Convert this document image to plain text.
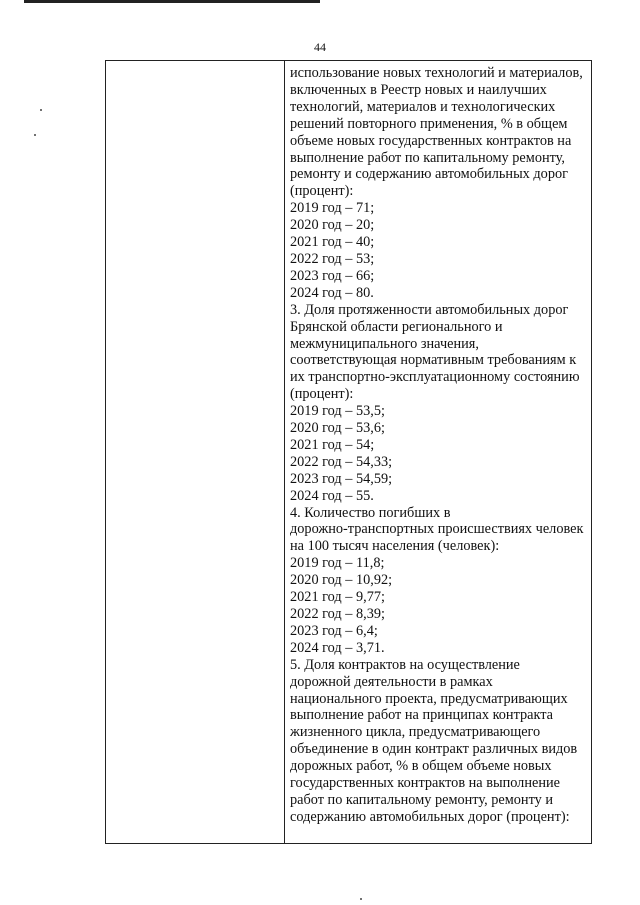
44
использование новых технологий и материалов,
включенных в Реестр новых и наилучших
технологий, материалов и технологических
решений повторного применения, % в общем
объеме новых государственных контрактов на
выполнение работ по капитальному ремонту,
ремонту и содержанию автомобильных дорог
(процент):
2019 год – 71;
2020 год – 20;
2021 год – 40;
2022 год – 53;
2023 год – 66;
2024 год – 80.
3. Доля протяженности автомобильных дорог
Брянской области регионального и
межмуниципального значения,
соответствующая нормативным требованиям к
их транспортно-эксплуатационному состоянию
(процент):
2019 год – 53,5;
2020 год – 53,6;
2021 год – 54;
2022 год – 54,33;
2023 год – 54,59;
2024 год – 55.
4. Количество погибших в
дорожно-транспортных происшествиях человек
на 100 тысяч населения (человек):
2019 год – 11,8;
2020 год – 10,92;
2021 год – 9,77;
2022 год – 8,39;
2023 год – 6,4;
2024 год – 3,71.
5. Доля контрактов на осуществление
дорожной деятельности в рамках
национального проекта, предусматривающих
выполнение работ на принципах контракта
жизненного цикла, предусматривающего
объединение в один контракт различных видов
дорожных работ, % в общем объеме новых
государственных контрактов на выполнение
работ по капитальному ремонту, ремонту и
содержанию автомобильных дорог (процент):
